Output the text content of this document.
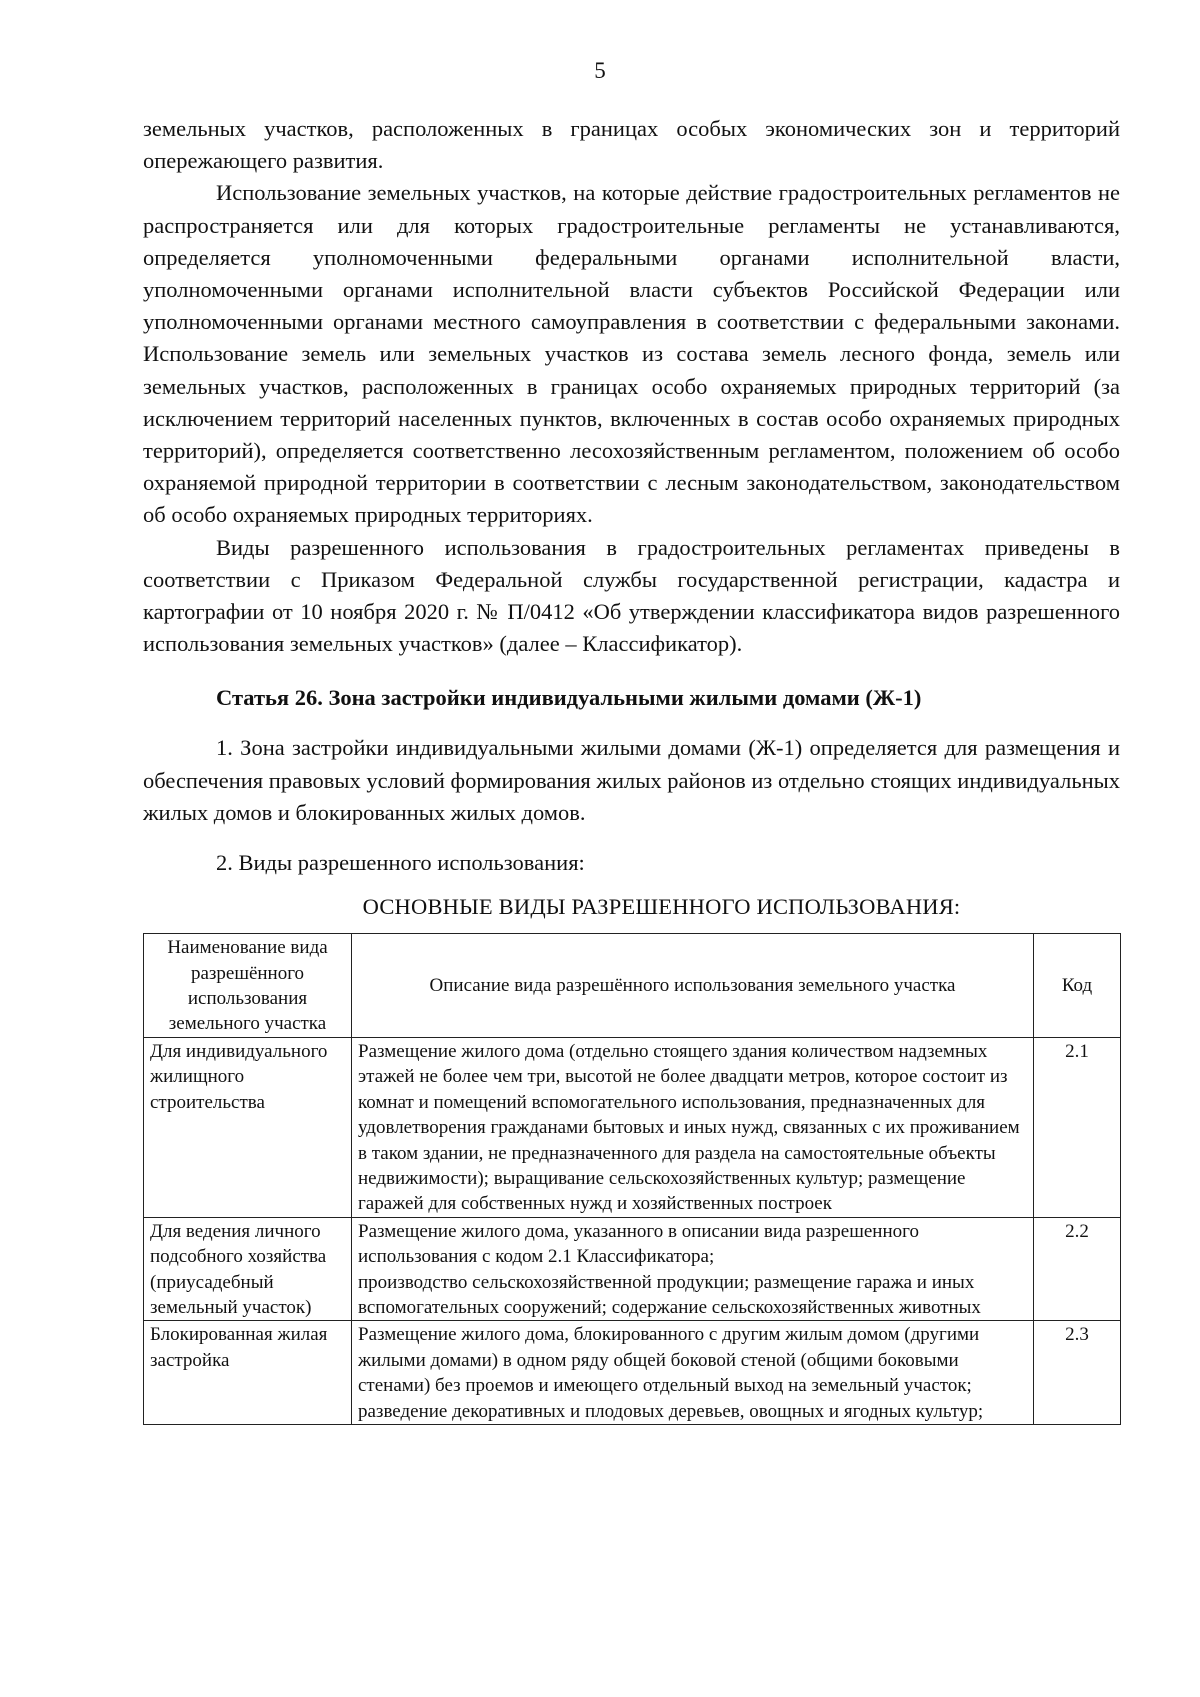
5

земельных участков, расположенных в границах особых экономических зон и территорий опережающего развития.

Использование земельных участков, на которые действие градостроительных регламентов не распространяется или для которых градостроительные регламенты не устанавливаются, определяется уполномоченными федеральными органами исполнительной власти, уполномоченными органами исполнительной власти субъектов Российской Федерации или уполномоченными органами местного самоуправления в соответствии с федеральными законами. Использование земель или земельных участков из состава земель лесного фонда, земель или земельных участков, расположенных в границах особо охраняемых природных территорий (за исключением территорий населенных пунктов, включенных в состав особо охраняемых природных территорий), определяется соответственно лесохозяйственным регламентом, положением об особо охраняемой природной территории в соответствии с лесным законодательством, законодательством об особо охраняемых природных территориях.

Виды разрешенного использования в градостроительных регламентах приведены в соответствии с Приказом Федеральной службы государственной регистрации, кадастра и картографии от 10 ноября 2020 г. № П/0412 «Об утверждении классификатора видов разрешенного использования земельных участков» (далее – Классификатор).

Статья 26. Зона застройки индивидуальными жилыми домами (Ж-1)

1. Зона застройки индивидуальными жилыми домами (Ж-1) определяется для размещения и обеспечения правовых условий формирования жилых районов из отдельно стоящих индивидуальных жилых домов и блокированных жилых домов.

2. Виды разрешенного использования:

ОСНОВНЫЕ ВИДЫ РАЗРЕШЕННОГО ИСПОЛЬЗОВАНИЯ:

Наименование вида разрешённого использования земельного участка	Описание вида разрешённого использования земельного участка	Код
Для индивидуального жилищного строительства	Размещение жилого дома (отдельно стоящего здания количеством надземных этажей не более чем три, высотой не более двадцати метров, которое состоит из комнат и помещений вспомогательного использования, предназначенных для удовлетворения гражданами бытовых и иных нужд, связанных с их проживанием в таком здании, не предназначенного для раздела на самостоятельные объекты недвижимости); выращивание сельскохозяйственных культур; размещение гаражей для собственных нужд и хозяйственных построек	2.1
Для ведения личного подсобного хозяйства (приусадебный земельный участок)	Размещение жилого дома, указанного в описании вида разрешенного использования с кодом 2.1 Классификатора;
производство сельскохозяйственной продукции; размещение гаража и иных вспомогательных сооружений; содержание сельскохозяйственных животных	2.2
Блокированная жилая застройка	Размещение жилого дома, блокированного с другим жилым домом (другими жилыми домами) в одном ряду общей боковой стеной (общими боковыми стенами) без проемов и имеющего отдельный выход на земельный участок; разведение декоративных и плодовых деревьев, овощных и ягодных культур;	2.3
